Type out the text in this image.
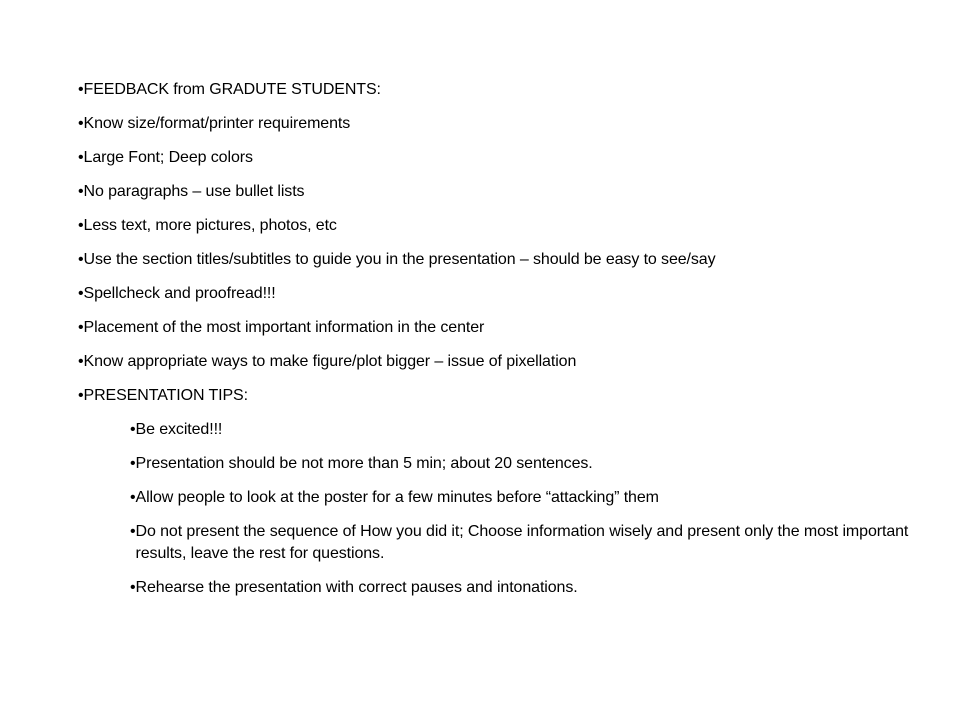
• FEEDBACK from GRADUTE STUDENTS:

• Know size/format/printer requirements

• Large Font; Deep colors

• No paragraphs – use bullet lists

• Less text, more pictures, photos, etc

• Use the section titles/subtitles to guide you in the presentation – should be easy to see/say

• Spellcheck and proofread!!!

• Placement of the most important information in the center

• Know appropriate ways to make figure/plot bigger – issue of pixellation

• PRESENTATION TIPS:

• Be excited!!!

• Presentation should be not more than 5 min; about 20 sentences.

• Allow people to look at the poster for a few minutes before “attacking” them

• Do not present the sequence of How you did it; Choose information wisely and present only the most important results, leave the rest for questions.

• Rehearse the presentation with correct pauses and intonations.
